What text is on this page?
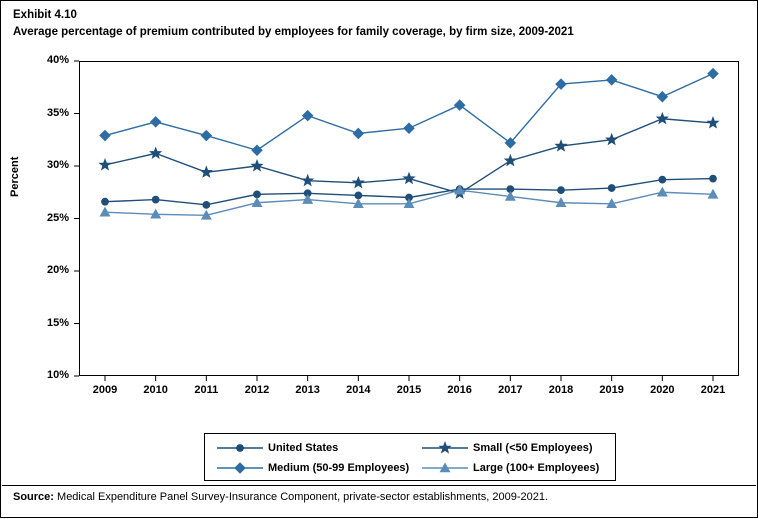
Exhibit 4.10
Average percentage of premium contributed by employees for family coverage, by firm size, 2009-2021
Percent
10%
15%
20%
25%
30%
35%
40%
2009	2010	2011	2012	2013	2014	2015	2016	2017	2018	2019	2020	2021
United States	Small (<50 Employees)
Medium (50-99 Employees)	Large (100+ Employees)
Source: Medical Expenditure Panel Survey-Insurance Component, private-sector establishments, 2009-2021.
